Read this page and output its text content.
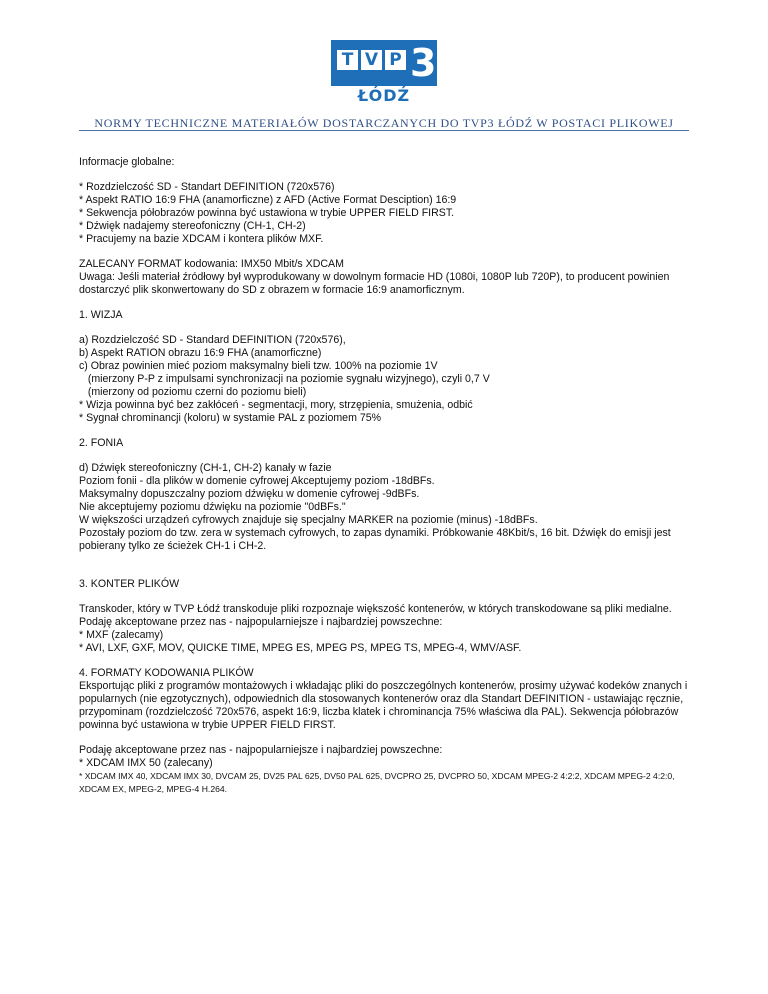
T V P 3
ŁÓDŹ
NORMY TECHNICZNE MATERIAŁÓW DOSTARCZANYCH DO TVP3 ŁÓDŹ W POSTACI PLIKOWEJ

Informacje globalne:

* Rozdzielczość SD - Standart DEFINITION (720x576)
* Aspekt RATIO 16:9 FHA (anamorficzne) z AFD (Active Format Desciption) 16:9
* Sekwencja półobrazów powinna być ustawiona w trybie UPPER FIELD FIRST.
* Dźwięk nadajemy stereofoniczny (CH-1, CH-2)
* Pracujemy na bazie XDCAM i kontera plików MXF.

ZALECANY FORMAT kodowania: IMX50 Mbit/s XDCAM
Uwaga: Jeśli materiał źródłowy był wyprodukowany w dowolnym formacie HD (1080i, 1080P lub 720P), to producent powinien dostarczyć plik skonwertowany do SD z obrazem w formacie 16:9 anamorficznym.

1. WIZJA

a) Rozdzielczość SD - Standard DEFINITION (720x576),
b) Aspekt RATION obrazu 16:9 FHA (anamorficzne)
c) Obraz powinien mieć poziom maksymalny bieli tzw. 100% na poziomie 1V
(mierzony P-P z impulsami synchronizacji na poziomie sygnału wizyjnego), czyli 0,7 V
(mierzony od poziomu czerni do poziomu bieli)
* Wizja powinna być bez zakłóceń - segmentacji, mory, strzępienia, smużenia, odbić
* Sygnał chrominancji (koloru) w systamie PAL z poziomem 75%

2. FONIA

d) Dźwięk stereofoniczny (CH-1, CH-2) kanały w fazie
Poziom fonii - dla plików w domenie cyfrowej Akceptujemy poziom -18dBFs.
Maksymalny dopuszczalny poziom dźwięku w domenie cyfrowej -9dBFs.
Nie akceptujemy poziomu dźwięku na poziomie "0dBFs."
W większości urządzeń cyfrowych znajduje się specjalny MARKER na poziomie (minus) -18dBFs.
Pozostały poziom do tzw. zera w systemach cyfrowych, to zapas dynamiki. Próbkowanie 48Kbit/s, 16 bit. Dźwięk do emisji jest pobierany tylko ze ścieżek CH-1 i CH-2.

3. KONTER PLIKÓW

Transkoder, który w TVP Łódź transkoduje pliki rozpoznaje większość kontenerów, w których transkodowane są pliki medialne. Podaję akceptowane przez nas - najpopularniejsze i najbardziej powszechne:
* MXF (zalecamy)
* AVI, LXF, GXF, MOV, QUICKE TIME, MPEG ES, MPEG PS, MPEG TS, MPEG-4, WMV/ASF.

4. FORMATY KODOWANIA PLIKÓW
Eksportując pliki z programów montażowych i wkładając pliki do poszczególnych kontenerów, prosimy używać kodeków znanych i popularnych (nie egzotycznych), odpowiednich dla stosowanych kontenerów oraz dla Standart DEFINITION - ustawiając ręcznie, przypominam (rozdzielczość 720x576, aspekt 16:9, liczba klatek i chrominancja 75% właściwa dla PAL). Sekwencja półobrazów powinna być ustawiona w trybie UPPER FIELD FIRST.

Podaję akceptowane przez nas - najpopularniejsze i najbardziej powszechne:
* XDCAM IMX 50 (zalecany)
* XDCAM IMX 40, XDCAM IMX 30, DVCAM 25, DV25 PAL 625, DV50 PAL 625, DVCPRO 25, DVCPRO 50, XDCAM MPEG-2 4:2:2, XDCAM MPEG-2 4:2:0, XDCAM EX, MPEG-2, MPEG-4 H.264.
